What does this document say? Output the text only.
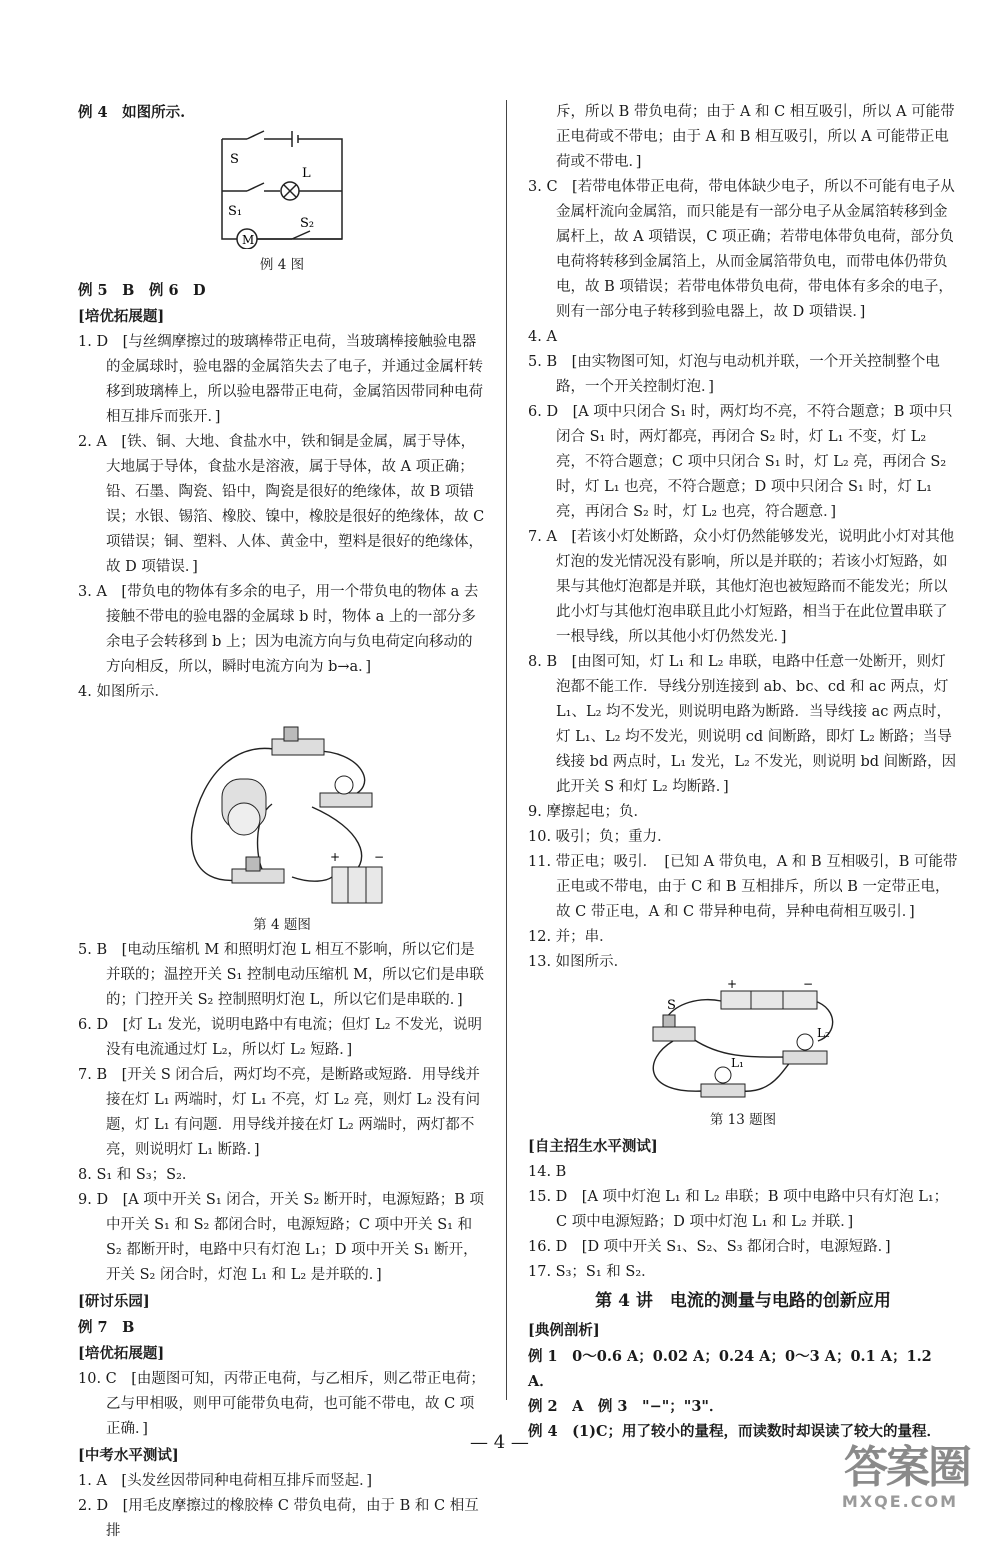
例 4　如图所示.

M
S
L
S₁
S₂

例 4 图

例 5　B　例 6　D

[培优拓展题]

1. D　[与丝绸摩擦过的玻璃棒带正电荷，当玻璃棒接触验电器的金属球时，验电器的金属箔失去了电子，并通过金属杆转移到玻璃棒上，所以验电器带正电荷，金属箔因带同种电荷相互排斥而张开．]

2. A　[铁、铜、大地、食盐水中，铁和铜是金属，属于导体，大地属于导体，食盐水是溶液，属于导体，故 A 项正确；铅、石墨、陶瓷、铅中，陶瓷是很好的绝缘体，故 B 项错误；水银、锡箔、橡胶、镍中，橡胶是很好的绝缘体，故 C 项错误；铜、塑料、人体、黄金中，塑料是很好的绝缘体，故 D 项错误．]

3. A　[带负电的物体有多余的电子，用一个带负电的物体 a 去接触不带电的验电器的金属球 b 时，物体 a 上的一部分多余电子会转移到 b 上；因为电流方向与负电荷定向移动的方向相反，所以，瞬时电流方向为 b→a．]

4. 如图所示．

+	−

第 4 题图

5. B　[电动压缩机 M 和照明灯泡 L 相互不影响，所以它们是并联的；温控开关 S₁ 控制电动压缩机 M，所以它们是串联的；门控开关 S₂ 控制照明灯泡 L，所以它们是串联的．]

6. D　[灯 L₁ 发光，说明电路中有电流；但灯 L₂ 不发光，说明没有电流通过灯 L₂，所以灯 L₂ 短路．]

7. B　[开关 S 闭合后，两灯均不亮，是断路或短路．用导线并接在灯 L₁ 两端时，灯 L₁ 不亮，灯 L₂ 亮，则灯 L₂ 没有问题，灯 L₁ 有问题．用导线并接在灯 L₂ 两端时，两灯都不亮，则说明灯 L₁ 断路．]

8. S₁ 和 S₃；S₂．

9. D　[A 项中开关 S₁ 闭合，开关 S₂ 断开时，电源短路；B 项中开关 S₁ 和 S₂ 都闭合时，电源短路；C 项中开关 S₁ 和 S₂ 都断开时，电路中只有灯泡 L₁；D 项中开关 S₁ 断开，开关 S₂ 闭合时，灯泡 L₁ 和 L₂ 是并联的．]

[研讨乐园]

例 7　B

[培优拓展题]

10. C　[由题图可知，丙带正电荷，与乙相斥，则乙带正电荷；乙与甲相吸，则甲可能带负电荷，也可能不带电，故 C 项正确．]

[中考水平测试]

1. A　[头发丝因带同种电荷相互排斥而竖起．]

2. D　[用毛皮摩擦过的橡胶棒 C 带负电荷，由于 B 和 C 相互排

斥，所以 B 带负电荷；由于 A 和 C 相互吸引，所以 A 可能带正电荷或不带电；由于 A 和 B 相互吸引，所以 A 可能带正电荷或不带电．]

3. C　[若带电体带正电荷，带电体缺少电子，所以不可能有电子从金属杆流向金属箔，而只能是有一部分电子从金属箔转移到金属杆上，故 A 项错误，C 项正确；若带电体带负电荷，部分负电荷将转移到金属箔上，从而金属箔带负电，而带电体仍带负电，故 B 项错误；若带电体带负电荷，带电体有多余的电子，则有一部分电子转移到验电器上，故 D 项错误．]

4. A

5. B　[由实物图可知，灯泡与电动机并联，一个开关控制整个电路，一个开关控制灯泡．]

6. D　[A 项中只闭合 S₁ 时，两灯均不亮，不符合题意；B 项中只闭合 S₁ 时，两灯都亮，再闭合 S₂ 时，灯 L₁ 不变，灯 L₂ 亮，不符合题意；C 项中只闭合 S₁ 时，灯 L₂ 亮，再闭合 S₂ 时，灯 L₁ 也亮，不符合题意；D 项中只闭合 S₁ 时，灯 L₁ 亮，再闭合 S₂ 时，灯 L₂ 也亮，符合题意．]

7. A　[若该小灯处断路，众小灯仍然能够发光，说明此小灯对其他灯泡的发光情况没有影响，所以是并联的；若该小灯短路，如果与其他灯泡都是并联，其他灯泡也被短路而不能发光；所以此小灯与其他灯泡串联且此小灯短路，相当于在此位置串联了一根导线，所以其他小灯仍然发光．]

8. B　[由图可知，灯 L₁ 和 L₂ 串联，电路中任意一处断开，则灯泡都不能工作．导线分别连接到 ab、bc、cd 和 ac 两点，灯 L₁、L₂ 均不发光，则说明电路为断路．当导线接 ac 两点时，灯 L₁、L₂ 均不发光，则说明 cd 间断路，即灯 L₂ 断路；当导线接 bd 两点时，L₁ 发光，L₂ 不发光，则说明 bd 间断路，因此开关 S 和灯 L₂ 均断路．]

9. 摩擦起电；负．

10. 吸引；负；重力．

11. 带正电；吸引．　[已知 A 带负电，A 和 B 互相吸引，B 可能带正电或不带电，由于 C 和 B 互相排斥，所以 B 一定带正电，故 C 带正电，A 和 C 带异种电荷，异种电荷相互吸引．]

12. 并；串．

13. 如图所示．

S
L₁
L₂
+	−

第 13 题图

[自主招生水平测试]

14. B

15. D　[A 项中灯泡 L₁ 和 L₂ 串联；B 项中电路中只有灯泡 L₁；C 项中电源短路；D 项中灯泡 L₁ 和 L₂ 并联．]

16. D　[D 项中开关 S₁、S₂、S₃ 都闭合时，电源短路．]

17. S₃；S₁ 和 S₂．

第 4 讲　电流的测量与电路的创新应用

[典例剖析]

例 1　0～0.6 A；0.02 A；0.24 A；0～3 A；0.1 A；1.2 A．

例 2　A　例 3　"−"；"3"．

例 4　(1)C；用了较小的量程，而读数时却误读了较大的量程．

— 4 —	答案圈
MXQE.COM
